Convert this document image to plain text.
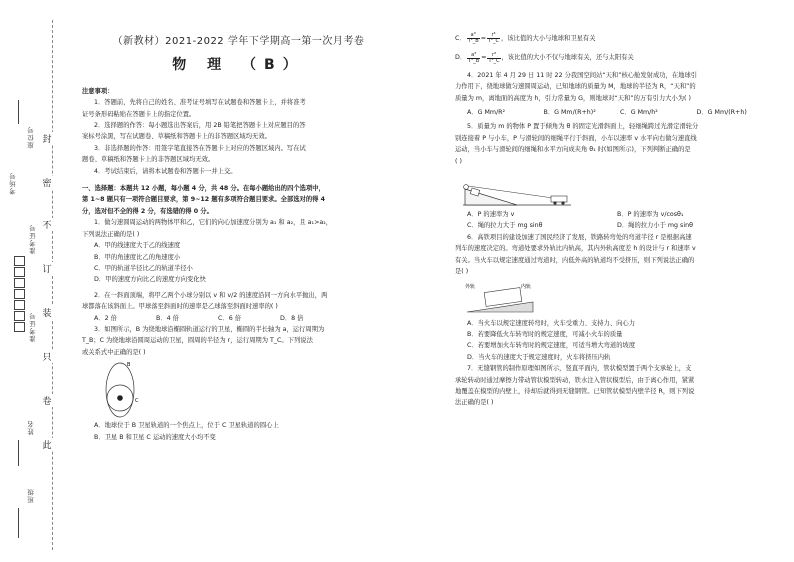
封
密
不
订
装
只
卷
此
座位号
考场号
准考证号
准考证号
姓名
班级
（新教材）2021-2022 学年下学期高一第一次月考卷
物 理 （B）

注意事项：

1．答题前，先将自己的姓名、准考证号填写在试题卷和答题卡上，并将准考

证号条形码粘贴在答题卡上的指定位置。

2．选择题的作答：每小题选出答案后，用 2B 铅笔把答题卡上对应题目的答

案标号涂黑，写在试题卷、草稿纸和答题卡上的非答题区域均无效。

3．非选择题的作答：用签字笔直接答在答题卡上对应的答题区域内。写在试

题卷、草稿纸和答题卡上的非答题区域均无效。

4．考试结束后，请将本试题卷和答题卡一并上交。

一、选择题：本题共 12 小题，每小题 4 分，共 48 分。在每小题给出的四个选项中，

第 1~8 题只有一项符合题目要求，第 9~12 题有多项符合题目要求。全部选对的得 4

分，选对但不全的得 2 分，有选错的得 0 分。

1．做匀速圆周运动的两物体甲和乙，它们的向心加速度分别为 a₁ 和 a₂，且 a₁>a₂，

下列说法正确的是( )

A．甲的线速度大于乙的线速度

B．甲的角速度比乙的角速度小

C．甲的轨道半径比乙的轨道半径小

D．甲的速度方向比乙的速度方向变化快

2．在一斜面顶端，将甲乙两个小球分别以 v 和 v/2 的速度沿同一方向水平抛出，两

球都落在该斜面上。甲球落至斜面时的速率是乙球落至斜面时速率的( )

A．2 倍	B．4 倍	C．6 倍	D．8 倍

3．如图所示，B 为绕地球沿椭圆轨道运行的卫星，椭圆的半长轴为 a，运行周期为

T_B；C 为绕地球沿圆周运动的卫星，圆周的半径为 r，运行周期为 T_C。下列说法

或关系式中正确的是( )

B
C

A．地球位于 B 卫星轨道的一个焦点上，位于 C 卫星轨道的圆心上

B．卫星 B 和卫星 C 运动的速度大小均不变

C． $\frac{\text{a³}}{\text{T²\_B}} = \frac{\text{r³}}{\text{T²\_C}}$ ，该比值的大小与地球和卫星有关
D． $\frac{\text{a³}}{\text{T²\_B}} = \frac{\text{r³}}{\text{T²\_C}}$ ，该比值的大小不仅与地球有关，还与太阳有关

4．2021 年 4 月 29 日 11 时 22 分我国空间站“天和”核心舱发射成功，在地球引

力作用下，绕地球做匀速圆周运动，已知地球的质量为 M，地球的半径为 R，“天和”的

质量为 m，离地面的高度为 h，引力常量为 G，则地球对“天和”的万有引力大小为( )

A．G Mm/R²	B．G Mm/(R+h)²	C．G Mm/h²	D．G Mm/(R+h)

5．质量为 m 的物体 P 置于倾角为 θ 的固定光滑斜面上，轻细绳跨过光滑定滑轮分

别连接着 P 与小车，P 与滑轮间的细绳平行于斜面，小车以速率 v 水平向右做匀速直线

运动，当小车与滑轮间的细绳和水平方向成夹角 θ₁ 时(如图所示)，下列判断正确的是

( )

A．P 的速率为 v	B．P 的速率为 v/cosθ₁
C．绳的拉力大于 mg sinθ	D．绳的拉力小于 mg sinθ

6．高铁项目的建设加速了国民经济了发展，铁路转弯处的弯道半径 r 是根据高速

列车的速度决定的。弯道处要求外轨比内轨高，其内外轨高度差 h 的设计与 r 和速率 v

有关。当火车以规定速度通过弯道时，内低外高的轨道均不受挤压，则下列说法正确的

是( )

外轨	内轨

A．当火车以规定速度转弯时，火车受重力、支持力、向心力

B．若要降低火车转弯时的规定速度，可减小火车的质量

C．若要增加火车转弯时的规定速度，可适当增大弯道的坡度

D．当火车的速度大于规定速度时，火车将挤压内轨

7．无缝钢管的制作原理如图所示，竖直平面内，管状模型置于两个支承轮上，支

承轮转动时通过摩擦力带动管状模型转动，铁水注入管状模型后，由于离心作用，紧紧

地覆盖在模型的内壁上，待却后就得到无缝钢管。已知管状模型内壁半径 R，则下列说

法正确的是( )
